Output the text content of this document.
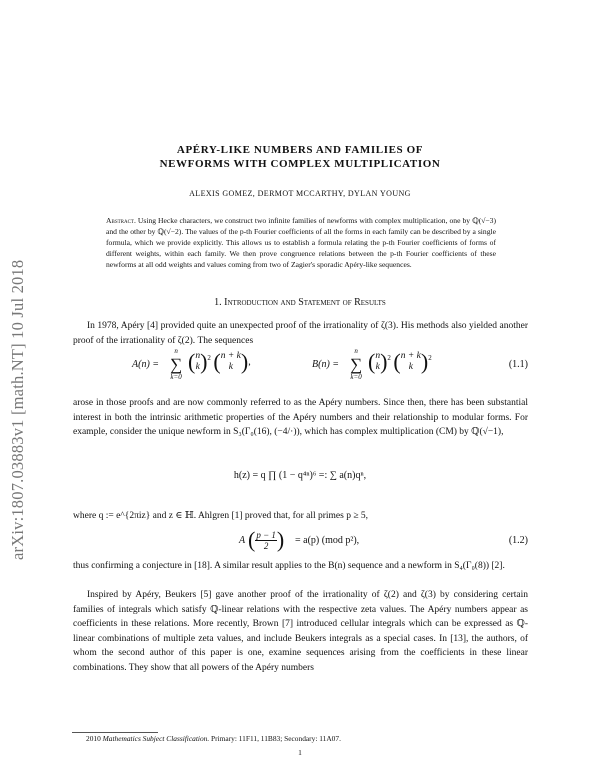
arXiv:1807.03883v1 [math.NT] 10 Jul 2018
APÉRY-LIKE NUMBERS AND FAMILIES OF
NEWFORMS WITH COMPLEX MULTIPLICATION
ALEXIS GOMEZ, DERMOT MCCARTHY, DYLAN YOUNG
Abstract. Using Hecke characters, we construct two infinite families of newforms with complex multiplication, one by ℚ(√−3) and the other by ℚ(√−2). The values of the p-th Fourier coefficients of all the forms in each family can be described by a single formula, which we provide explicitly. This allows us to establish a formula relating the p-th Fourier coefficients of forms of different weights, within each family. We then prove congruence relations between the p-th Fourier coefficients of these newforms at all odd weights and values coming from two of Zagier's sporadic Apéry-like sequences.
1. Introduction and Statement of Results
In 1978, Apéry [4] provided quite an unexpected proof of the irrationality of ζ(3). His methods also yielded another proof of the irrationality of ζ(2). The sequences
A(n) =
n
∑
k=0
(n
k)$^2$ (n + k
k ),	B(n) =
n
∑
k=0
(n
k)$^2$ (n + k
k )$^2$
(1.1)
arose in those proofs and are now commonly referred to as the Apéry numbers. Since then, there has been substantial interest in both the intrinsic arithmetic properties of the Apéry numbers and their relationship to modular forms. For example, consider the unique newform in S₃(Γ₀(16), (−4/·)), which has complex multiplication (CM) by ℚ(√−1),
h(z) = q ∏ (1 − q⁴ⁿ)⁶ =: ∑ a(n)qⁿ,
where q := e^{2πiz} and z ∈ ℍ. Ahlgren [1] proved that, for all primes p ≥ 5,
A ( $\frac{p - 1}{2}$ ) = a(p) (mod p²),	(1.2)
thus confirming a conjecture in [18]. A similar result applies to the B(n) sequence and a newform in S₄(Γ₀(8)) [2].
Inspired by Apéry, Beukers [5] gave another proof of the irrationality of ζ(2) and ζ(3) by considering certain families of integrals which satisfy ℚ-linear relations with the respective zeta values. The Apéry numbers appear as coefficients in these relations. More recently, Brown [7] introduced cellular integrals which can be expressed as ℚ-linear combinations of multiple zeta values, and include Beukers integrals as a special cases. In [13], the authors, of whom the second author of this paper is one, examine sequences arising from the coefficients in these linear combinations. They show that all powers of the Apéry numbers
2010 Mathematics Subject Classification. Primary: 11F11, 11B83; Secondary: 11A07.
1
